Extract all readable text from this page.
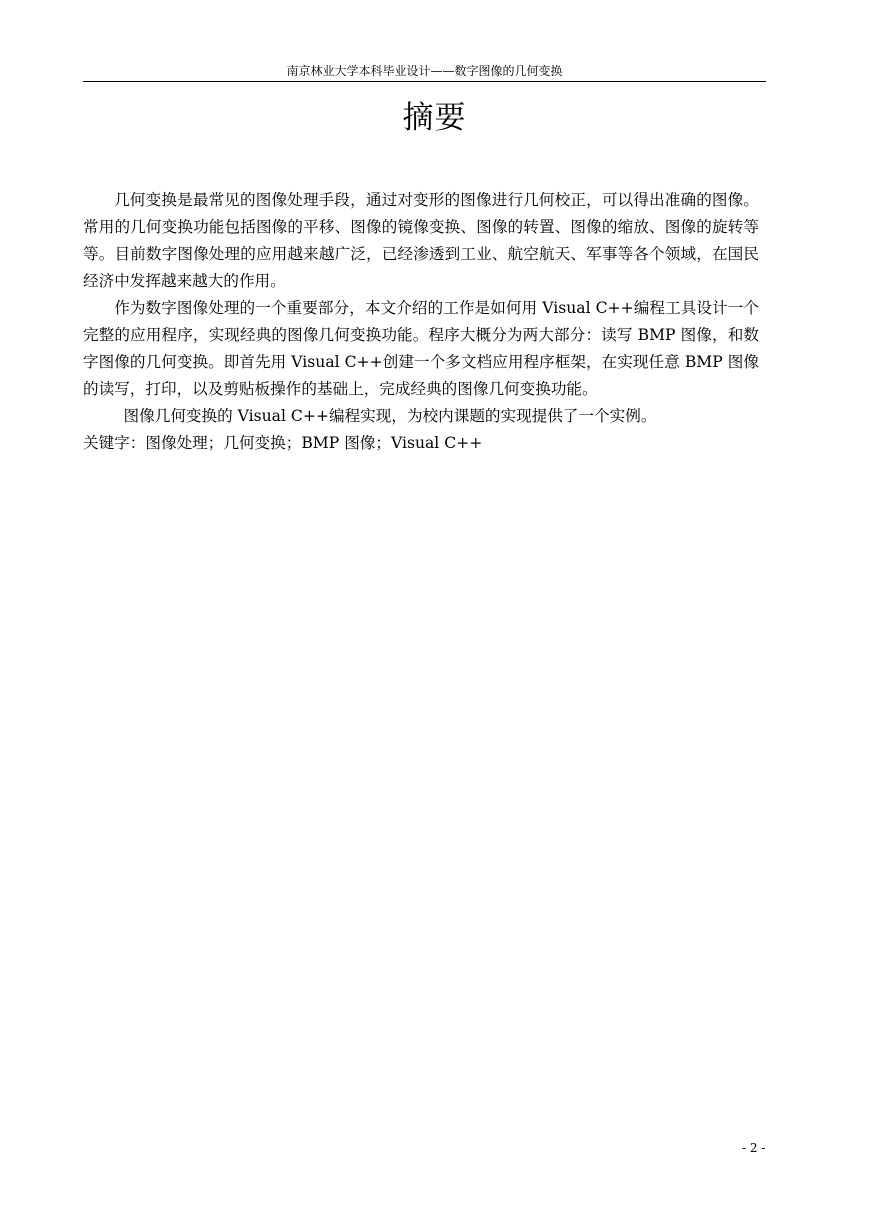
南京林业大学本科毕业设计——数字图像的几何变换
摘要

几何变换是最常见的图像处理手段，通过对变形的图像进行几何校正，可以得出准确的图像。常用的几何变换功能包括图像的平移、图像的镜像变换、图像的转置、图像的缩放、图像的旋转等等。目前数字图像处理的应用越来越广泛，已经渗透到工业、航空航天、军事等各个领域，在国民经济中发挥越来越大的作用。

作为数字图像处理的一个重要部分，本文介绍的工作是如何用 Visual C++编程工具设计一个完整的应用程序，实现经典的图像几何变换功能。程序大概分为两大部分：读写 BMP 图像，和数字图像的几何变换。即首先用 Visual C++创建一个多文档应用程序框架，在实现任意 BMP 图像的读写，打印，以及剪贴板操作的基础上，完成经典的图像几何变换功能。

图像几何变换的 Visual C++编程实现，为校内课题的实现提供了一个实例。

关键字：图像处理；几何变换；BMP 图像；Visual C++

- 2 -
